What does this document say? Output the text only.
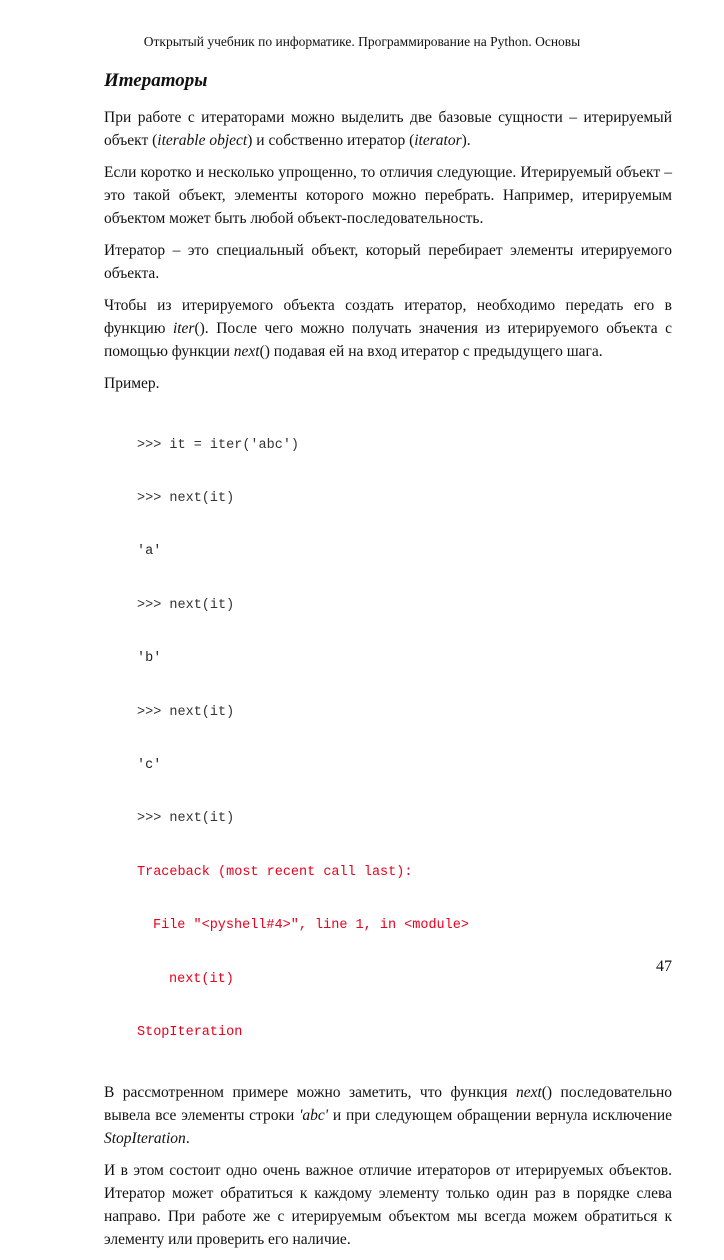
Открытый учебник по информатике. Программирование на Python. Основы
Итераторы

При работе с итераторами можно выделить две базовые сущности – итерируемый объект (iterable object) и собственно итератор (iterator).

Если коротко и несколько упрощенно, то отличия следующие. Итерируемый объект – это такой объект, элементы которого можно перебрать. Например, итерируемым объектом может быть любой объект-последовательность.

Итератор – это специальный объект, который перебирает элементы итерируемого объекта.

Чтобы из итерируемого объекта создать итератор, необходимо передать его в функцию iter(). После чего можно получать значения из итерируемого объекта с помощью функции next() подавая ей на вход итератор с предыдущего шага.

Пример.

>>> it = iter('abc')

>>> next(it)

'a'

>>> next(it)

'b'

>>> next(it)

'c'

>>> next(it)

Traceback (most recent call last):

File "<pyshell#4>", line 1, in <module>

next(it)

StopIteration

В рассмотренном примере можно заметить, что функция next() последовательно вывела все элементы строки 'abc' и при следующем обращении вернула исключение StopIteration.

И в этом состоит одно очень важное отличие итераторов от итерируемых объектов. Итератор может обратиться к каждому элементу только один раз в порядке слева направо. При работе же с итерируемым объектом мы всегда можем обратиться к элементу или проверить его наличие.

47
